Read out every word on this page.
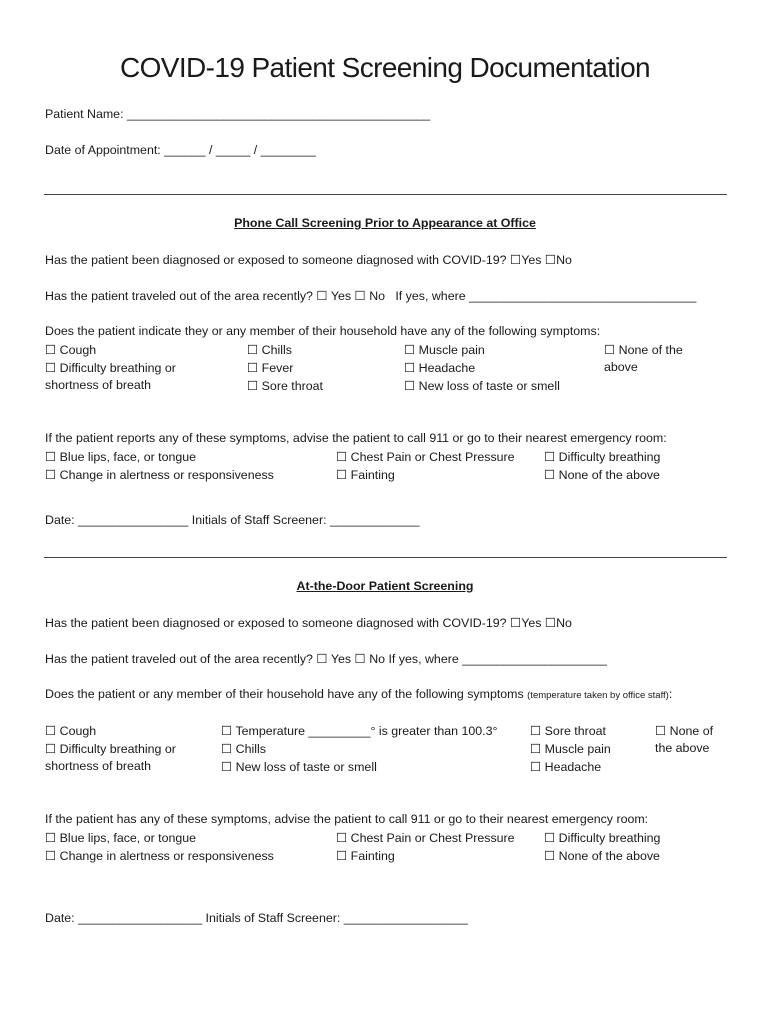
COVID-19 Patient Screening Documentation
Patient Name: ____________________________________________
Date of Appointment: ______ / _____ / ________
Phone Call Screening Prior to Appearance at Office
Has the patient been diagnosed or exposed to someone diagnosed with COVID-19? ☐Yes ☐No
Has the patient traveled out of the area recently? ☐ Yes ☐ No If yes, where _________________________________
Does the patient indicate they or any member of their household have any of the following symptoms:
☐ Cough
☐ Difficulty breathing or
shortness of breath
☐ Chills
☐ Fever
☐ Sore throat
☐ Muscle pain
☐ Headache
☐ New loss of taste or smell
☐ None of the
above
If the patient reports any of these symptoms, advise the patient to call 911 or go to their nearest emergency room:
☐ Blue lips, face, or tongue
☐ Change in alertness or responsiveness
☐ Chest Pain or Chest Pressure
☐ Fainting
☐ Difficulty breathing
☐ None of the above
Date: ________________ Initials of Staff Screener: _____________
At-the-Door Patient Screening
Has the patient been diagnosed or exposed to someone diagnosed with COVID-19? ☐Yes ☐No
Has the patient traveled out of the area recently? ☐ Yes ☐ No If yes, where _____________________
Does the patient or any member of their household have any of the following symptoms (temperature taken by office staff):
☐ Cough
☐ Difficulty breathing or
shortness of breath
☐ Temperature _________° is greater than 100.3°
☐ Chills
☐ New loss of taste or smell
☐ Sore throat
☐ Muscle pain
☐ Headache
☐ None of
the above
If the patient has any of these symptoms, advise the patient to call 911 or go to their nearest emergency room:
☐ Blue lips, face, or tongue
☐ Change in alertness or responsiveness
☐ Chest Pain or Chest Pressure
☐ Fainting
☐ Difficulty breathing
☐ None of the above
Date: __________________ Initials of Staff Screener: __________________
